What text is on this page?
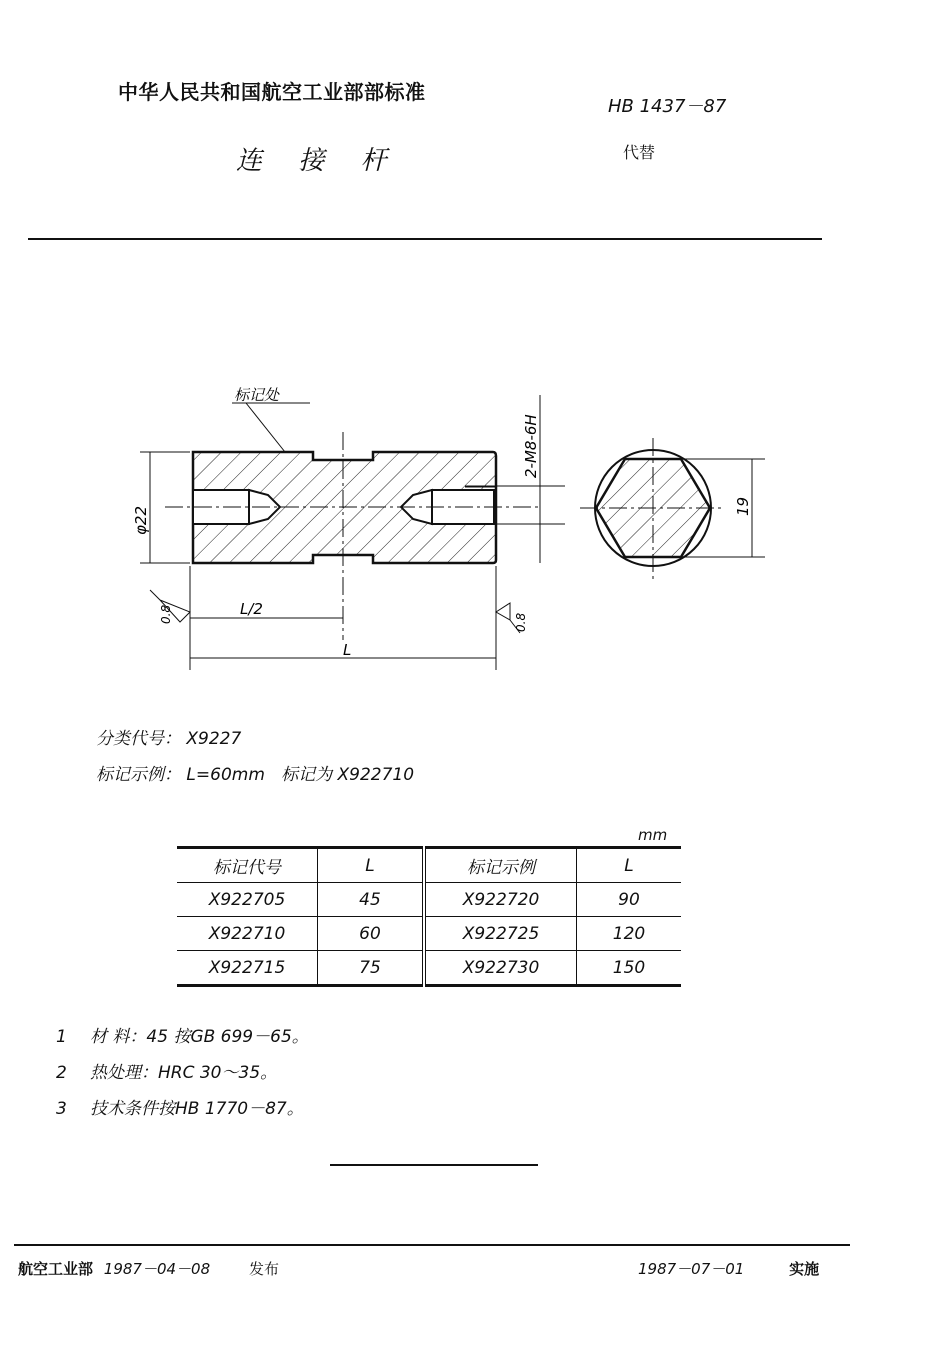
中华人民共和国航空工业部部标准
HB 1437－87
连 接 杆	代替
标记处
2-M8-6H
φ22
L/2
L
0.8	0.8
19
分类代号： X9227
标记示例： L=60mm 标记为 X922710
mm
标记代号	L	标记示例	L
X922705	45	X922720	90
X922710	60	X922725	120
X922715	75	X922730	150
1 材 料：45 按GB 699－65。
2 热处理：HRC 30～35。
3 技术条件按HB 1770－87。
航空工业部 1987－04－08	发布	1987－07－01	实施
